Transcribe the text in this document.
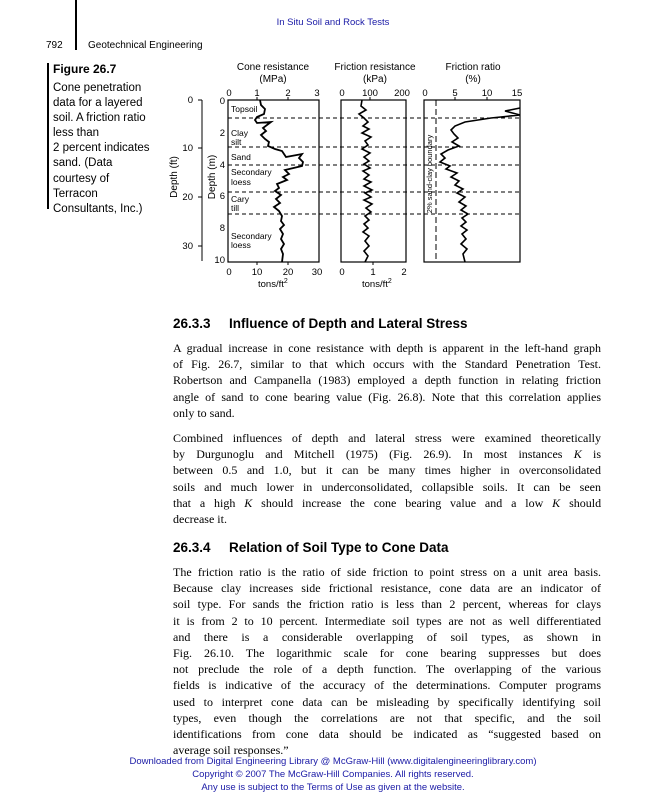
In Situ Soil and Rock Tests
792	Geotechnical Engineering
Figure 26.7
Cone penetration
data for a layered
soil. A friction ratio
less than
2 percent indicates
sand. (Data
courtesy of
Terracon
Consultants, Inc.)
Cone resistance
(MPa)
Friction resistance
(kPa)
Friction ratio
(%)
0 1	2 3 0 100 200 0	5	10 15
Depth (ft)
0
10
20
30
Depth (m)
0
2
4
6
8
10
Topsoil
Clay
silt
Sand
Secondary
loess
Cary
till
Secondary
loess
2% sand-clay boundary
0 10 20 30 0	1	2
tons/$ft^2$	tons/$ft^2$
26.3.3 Influence of Depth and Lateral Stress
A gradual increase in cone resistance with depth is apparent in the left-hand graph
of Fig. 26.7, similar to that which occurs with the Standard Penetration Test.
Robertson and Campanella (1983) employed a depth function in relating friction
angle of sand to cone bearing value (Fig. 26.8). Note that this correlation applies
only to sand.
Combined influences of depth and lateral stress were examined theoretically
by Durgunoglu and Mitchell (1975) (Fig. 26.9). In most instances K is
between 0.5 and 1.0, but it can be many times higher in overconsolidated
soils and much lower in underconsolidated, collapsible soils. It can be seen
that a high K should increase the cone bearing value and a low K should
decrease it.
26.3.4 Relation of Soil Type to Cone Data
The friction ratio is the ratio of side friction to point stress on a unit area basis.
Because clay increases side frictional resistance, cone data are an indicator of
soil type. For sands the friction ratio is less than 2 percent, whereas for clays
it is from 2 to 10 percent. Intermediate soil types are not as well differentiated
and there is a considerable overlapping of soil types, as shown in
Fig. 26.10. The logarithmic scale for cone bearing suppresses but does
not preclude the role of a depth function. The overlapping of the various
fields is indicative of the accuracy of the determinations. Computer programs
used to interpret cone data can be misleading by specifically identifying soil
types, even though the correlations are not that specific, and the soil
identifications from cone data should be indicated as “suggested based on
average soil responses.”
Downloaded from Digital Engineering Library @ McGraw-Hill (www.digitalengineeringlibrary.com)
Copyright © 2007 The McGraw-Hill Companies. All rights reserved.
Any use is subject to the Terms of Use as given at the website.
